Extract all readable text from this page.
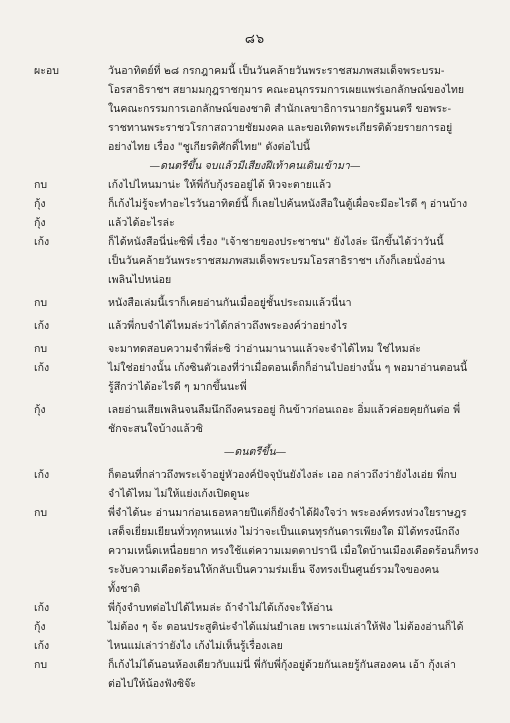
๘๖
ผะอบ	วันอาทิตย์ที่ ๒๘ กรกฎาคมนี้ เป็นวันคล้ายวันพระราชสมภพสมเด็จพระบรม-
โอรสาธิราชฯ สยามมกุฎราชกุมาร คณะอนุกรรมการเผยแพร่เอกลักษณ์ของไทย
ในคณะกรรมการเอกลักษณ์ของชาติ สำนักเลขาธิการนายกรัฐมนตรี ขอพระ-
ราชทานพระราชวโรกาสถวายชัยมงคล และขอเทิดพระเกียรติด้วยรายการอยู่
อย่างไทย เรื่อง "ชูเกียรติศักดิ์ไทย" ดังต่อไปนี้
—ดนตรีขึ้น จบแล้วมีเสียงฝีเท้าคนเดินเข้ามา—
กบ	เก้งไปไหนมาน่ะ ให้พี่กับกุ้งรออยู่ได้ หิวจะตายแล้ว
กุ้ง	ก็เก้งไม่รู้จะทำอะไรวันอาทิตย์นี้ ก็เลยไปค้นหนังสือในตู้เผื่อจะมีอะไรดี ๆ อ่านบ้าง
กุ้ง	แล้วได้อะไรล่ะ
เก้ง	ก็ได้หนังสือนี่น่ะซิพี่ เรื่อง "เจ้าชายของประชาชน" ยังไงล่ะ นึกขึ้นได้ว่าวันนี้
เป็นวันคล้ายวันพระราชสมภพสมเด็จพระบรมโอรสาธิราชฯ เก้งก็เลยนั่งอ่าน
เพลินไปหน่อย
กบ	หนังสือเล่มนี้เราก็เคยอ่านกันเมื่ออยู่ชั้นประถมแล้วนี่นา
เก้ง	แล้วพี่กบจำได้ไหมล่ะว่าได้กล่าวถึงพระองค์ว่าอย่างไร
กบ	จะมาทดสอบความจำพี่ล่ะซิ ว่าอ่านมานานแล้วจะจำได้ไหม ใช่ไหมล่ะ
เก้ง	ไม่ใช่อย่างนั้น เก้งซินตัวเองที่ว่าเมื่อตอนเด็กก็อ่านไปอย่างนั้น ๆ พอมาอ่านตอนนี้
รู้สึกว่าได้อะไรดี ๆ มากขึ้นนะพี่
กุ้ง	เลยอ่านเสียเพลินจนลืมนึกถึงคนรออยู่ กินข้าวก่อนเถอะ อิ่มแล้วค่อยคุยกันต่อ พี่
ชักจะสนใจบ้างแล้วซิ
—ดนตรีขึ้น—
เก้ง	ก็ตอนที่กล่าวถึงพระเจ้าอยู่หัวองค์ปัจจุบันยังไงล่ะ เออ กล่าวถึงว่ายังไงเอ่ย พี่กบ
จำได้ไหม ไม่ให้แย่งเก้งเปิดดูนะ
กบ	พี่จำได้นะ อ่านมาก่อนเธอหลายปีแต่ก็ยังจำได้ฝังใจว่า พระองค์ทรงห่วงใยราษฎร
เสด็จเยี่ยมเยียนทั่วทุกหนแห่ง ไม่ว่าจะเป็นแดนทุรกันดารเพียงใด มิได้ทรงนึกถึง
ความเหน็ดเหนื่อยยาก ทรงใช้แต่ความเมตตาปรานี เมื่อใดบ้านเมืองเดือดร้อนก็ทรง
ระงับความเดือดร้อนให้กลับเป็นความร่มเย็น จึงทรงเป็นศูนย์รวมใจของคน
ทั้งชาติ
เก้ง	พี่กุ้งจำบทต่อไปได้ไหมล่ะ ถ้าจำไม่ได้เก้งจะให้อ่าน
กุ้ง	ไม่ต้อง ๆ จ้ะ ตอนประสูติน่ะจำได้แม่นยำเลย เพราะแม่เล่าให้ฟัง ไม่ต้องอ่านก็ได้
เก้ง	ไหนแม่เล่าว่ายังไง เก้งไม่เห็นรู้เรื่องเลย
กบ	ก็เก้งไม่ได้นอนห้องเดียวกับแม่นี่ พี่กับพี่กุ้งอยู่ด้วยกันเลยรู้กันสองคน เอ้า กุ้งเล่า
ต่อไปให้น้องฟังซิจ๊ะ
